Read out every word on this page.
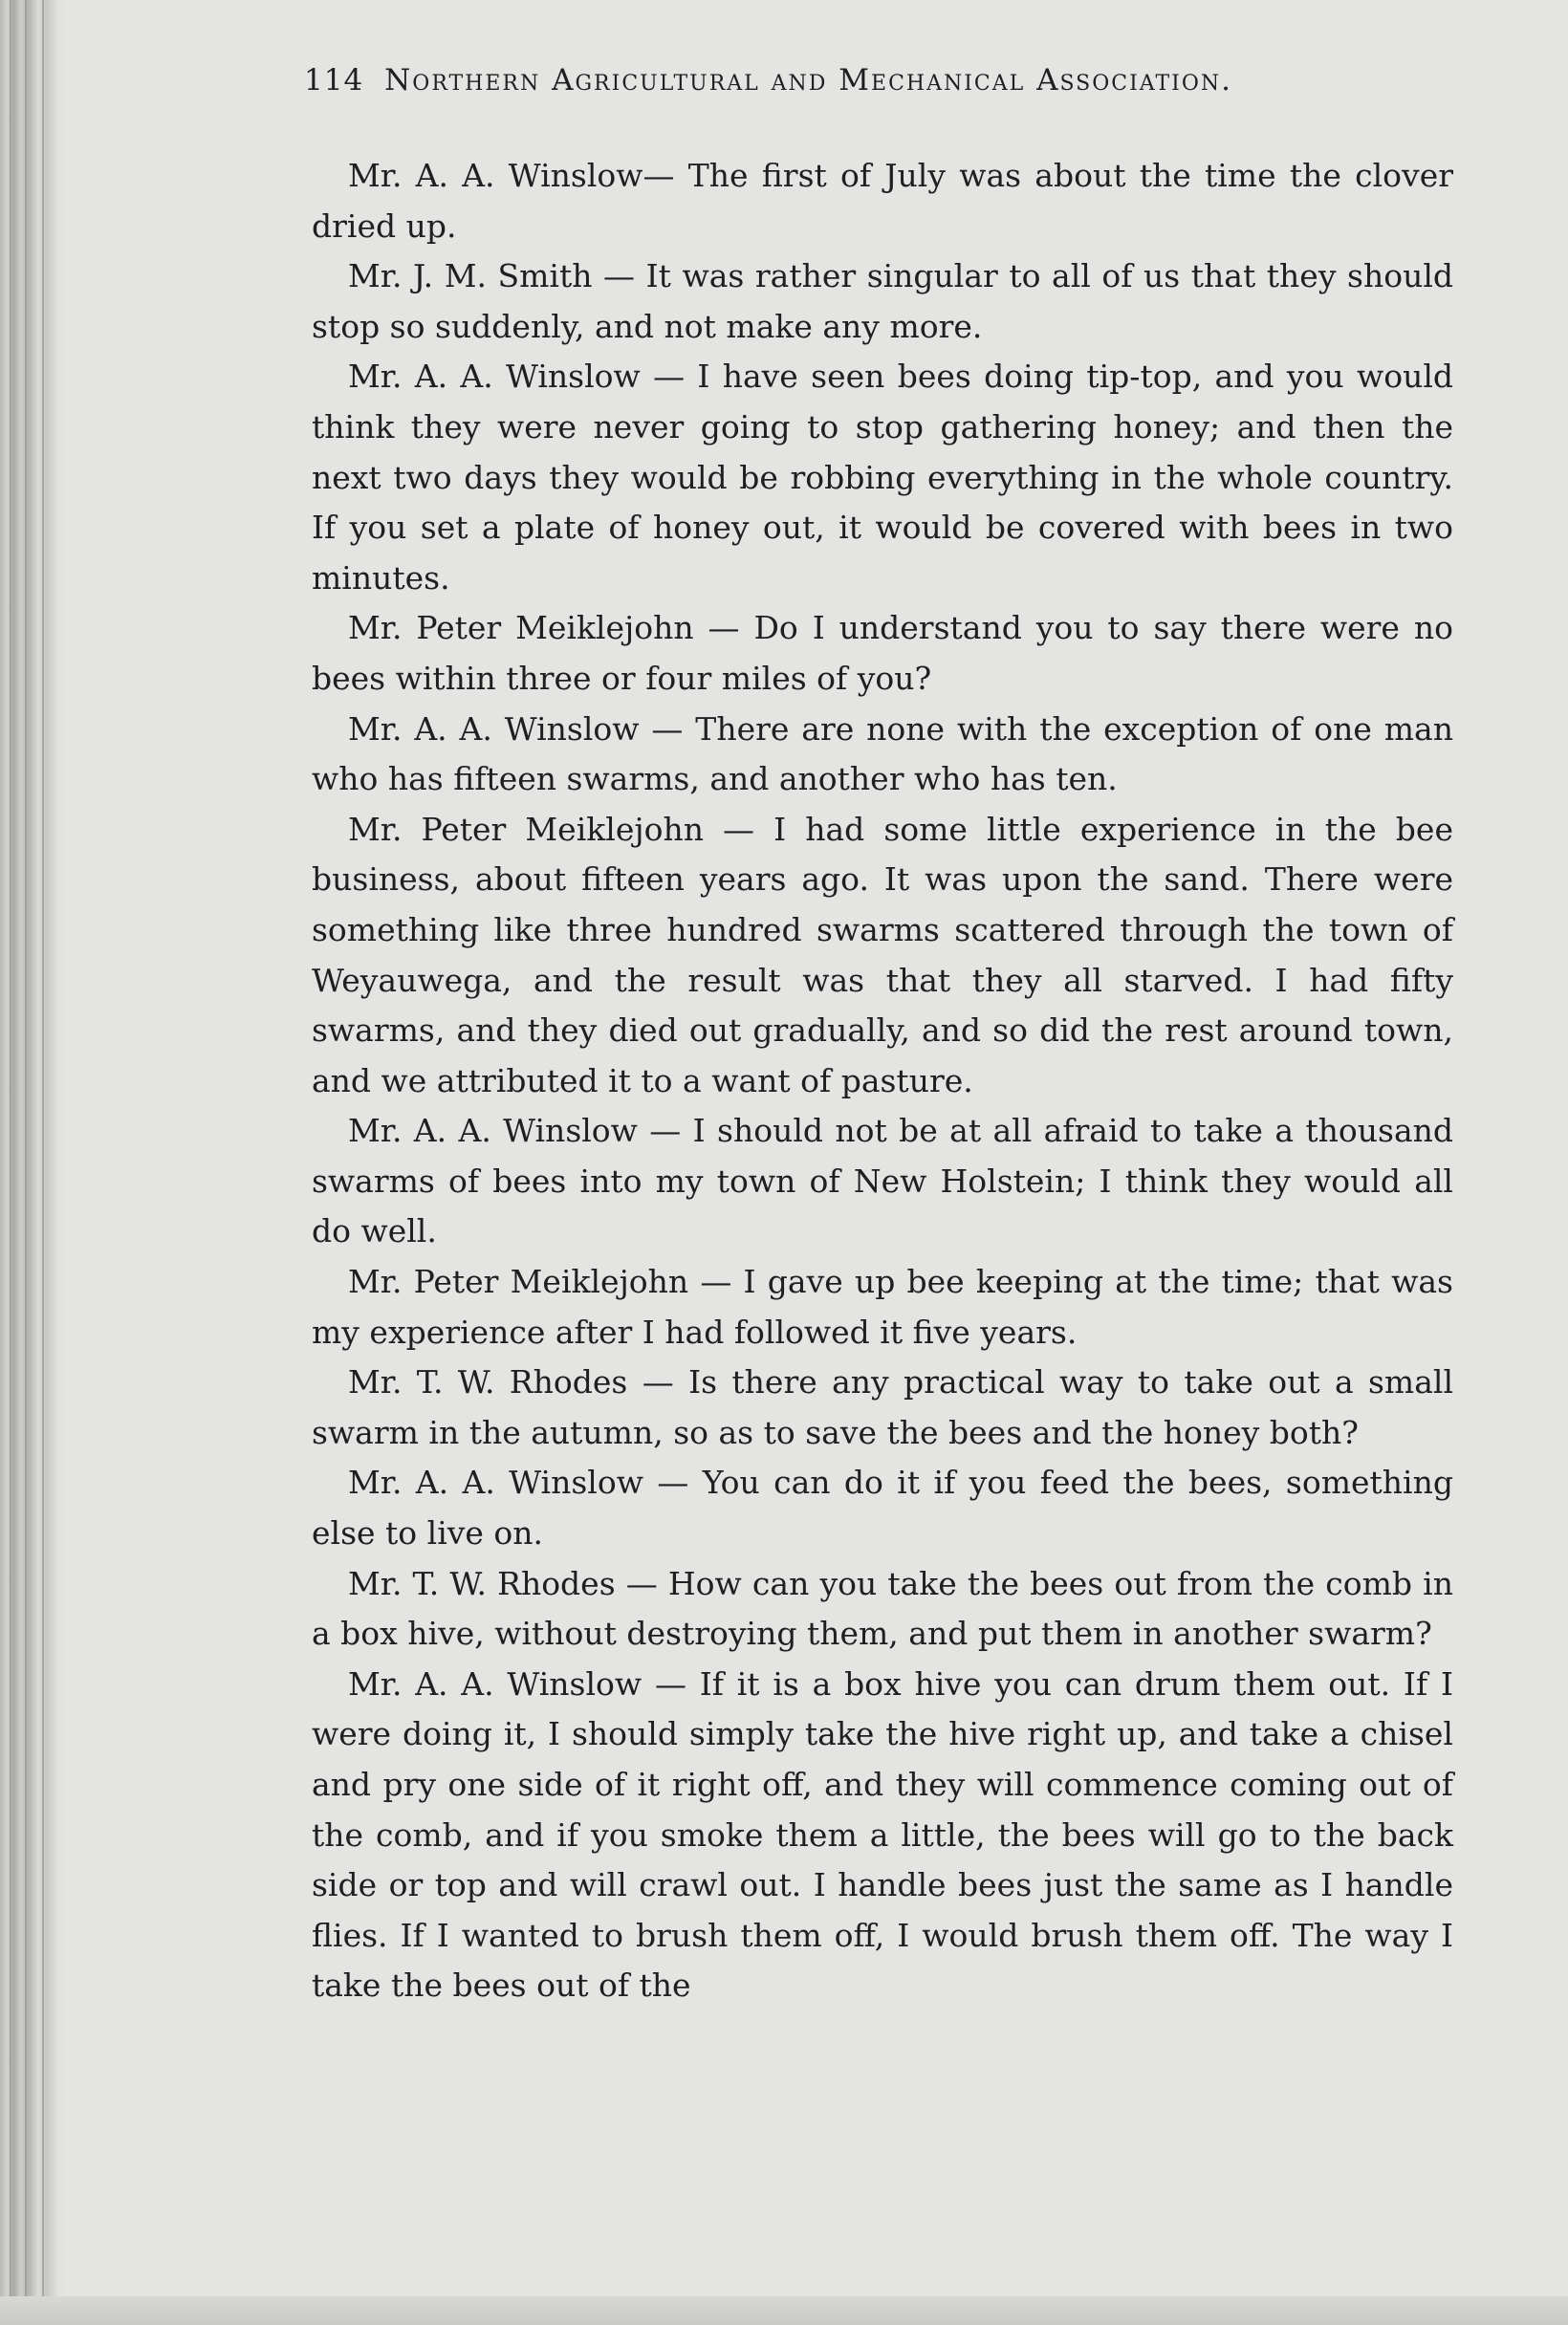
114 Northern Agricultural and Mechanical Association.

Mr. A. A. Winslow— The first of July was about the time the clover dried up.

Mr. J. M. Smith — It was rather singular to all of us that they should stop so suddenly, and not make any more.

Mr. A. A. Winslow — I have seen bees doing tip-top, and you would think they were never going to stop gathering honey; and then the next two days they would be robbing everything in the whole country. If you set a plate of honey out, it would be covered with bees in two minutes.

Mr. Peter Meiklejohn — Do I understand you to say there were no bees within three or four miles of you?

Mr. A. A. Winslow — There are none with the exception of one man who has fifteen swarms, and another who has ten.

Mr. Peter Meiklejohn — I had some little experience in the bee business, about fifteen years ago. It was upon the sand. There were something like three hundred swarms scattered through the town of Weyauwega, and the result was that they all starved. I had fifty swarms, and they died out gradually, and so did the rest around town, and we attributed it to a want of pasture.

Mr. A. A. Winslow — I should not be at all afraid to take a thousand swarms of bees into my town of New Holstein; I think they would all do well.

Mr. Peter Meiklejohn — I gave up bee keeping at the time; that was my experience after I had followed it five years.

Mr. T. W. Rhodes — Is there any practical way to take out a small swarm in the autumn, so as to save the bees and the honey both?

Mr. A. A. Winslow — You can do it if you feed the bees, something else to live on.

Mr. T. W. Rhodes — How can you take the bees out from the comb in a box hive, without destroying them, and put them in another swarm?

Mr. A. A. Winslow — If it is a box hive you can drum them out. If I were doing it, I should simply take the hive right up, and take a chisel and pry one side of it right off, and they will commence coming out of the comb, and if you smoke them a little, the bees will go to the back side or top and will crawl out. I handle bees just the same as I handle flies. If I wanted to brush them off, I would brush them off. The way I take the bees out of the
